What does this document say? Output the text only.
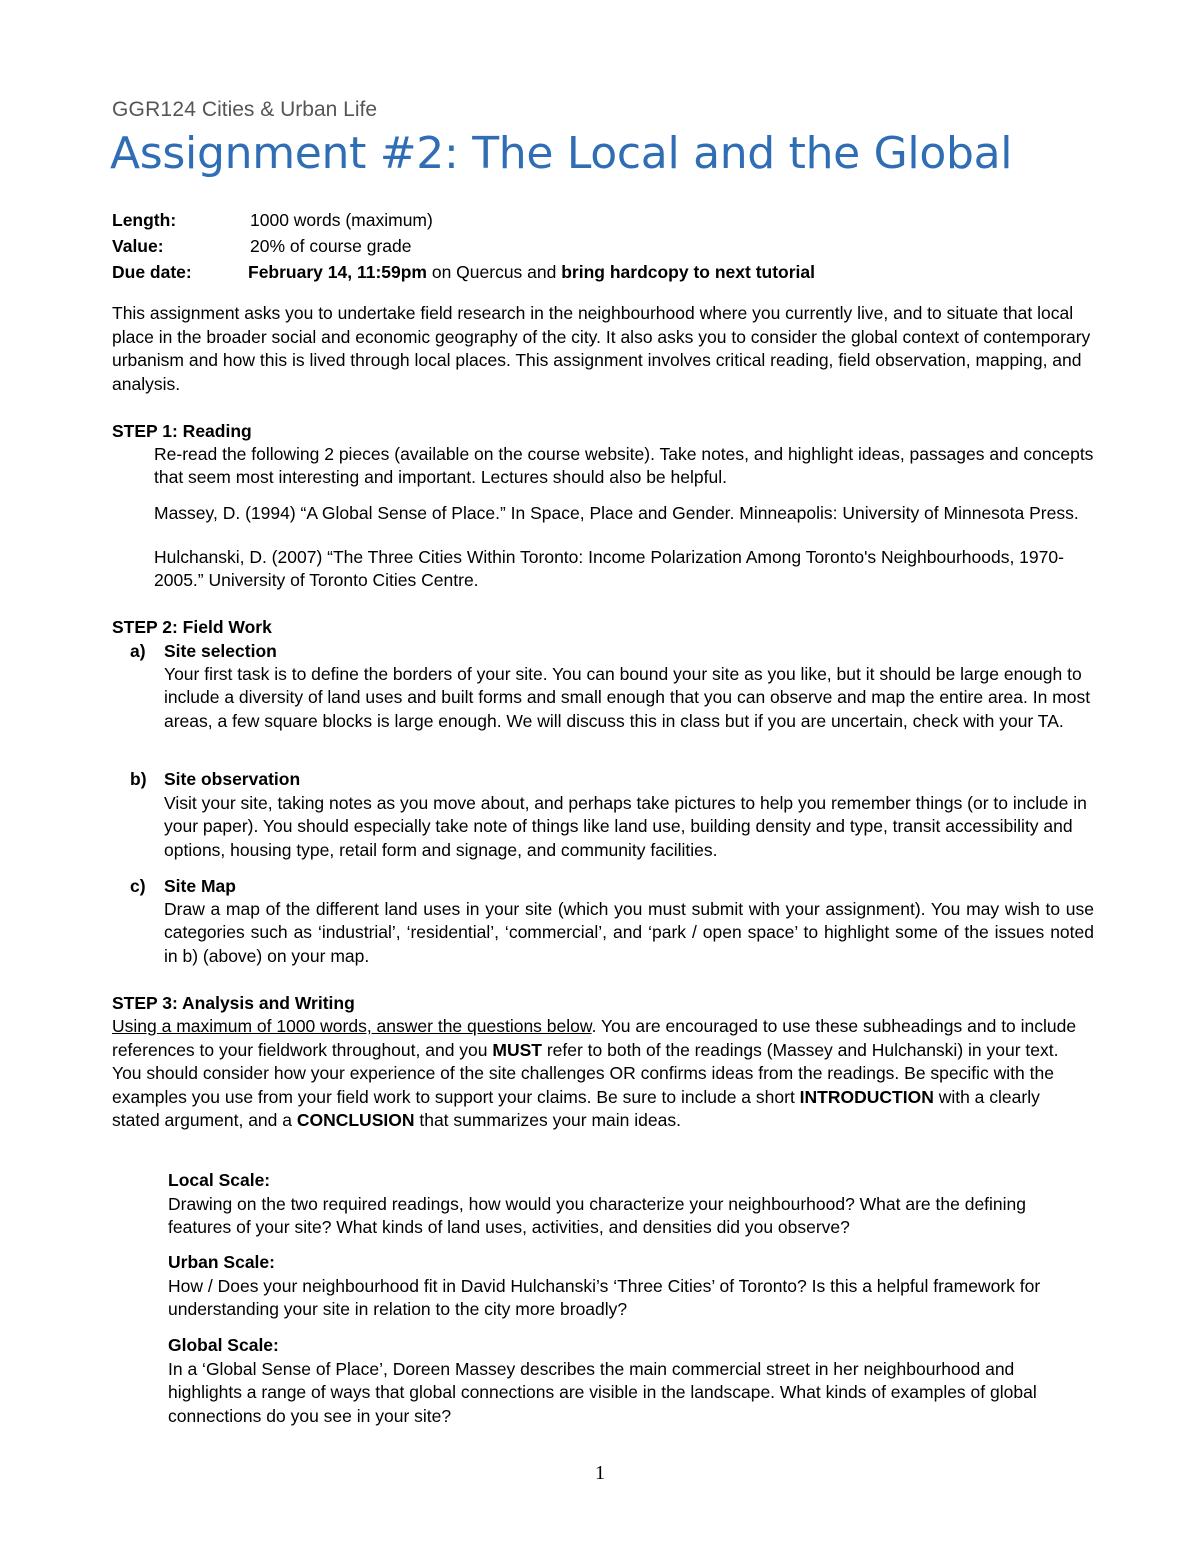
GGR124 Cities & Urban Life
Assignment #2: The Local and the Global
Length:	1000 words (maximum)
Value:	20% of course grade
Due date:	February 14, 11:59pm on Quercus and bring hardcopy to next tutorial
This assignment asks you to undertake field research in the neighbourhood where you currently live, and to situate that local place in the broader social and economic geography of the city. It also asks you to consider the global context of contemporary urbanism and how this is lived through local places. This assignment involves critical reading, field observation, mapping, and analysis.
STEP 1: Reading
Re-read the following 2 pieces (available on the course website). Take notes, and highlight ideas, passages and concepts that seem most interesting and important. Lectures should also be helpful.
Massey, D. (1994) “A Global Sense of Place.” In Space, Place and Gender. Minneapolis: University of Minnesota Press.
Hulchanski, D. (2007) “The Three Cities Within Toronto: Income Polarization Among Toronto's Neighbourhoods, 1970- 2005.” University of Toronto Cities Centre.
STEP 2: Field Work
a) Site selection
Your first task is to define the borders of your site. You can bound your site as you like, but it should be large enough to include a diversity of land uses and built forms and small enough that you can observe and map the entire area. In most areas, a few square blocks is large enough. We will discuss this in class but if you are uncertain, check with your TA.
b) Site observation
Visit your site, taking notes as you move about, and perhaps take pictures to help you remember things (or to include in your paper). You should especially take note of things like land use, building density and type, transit accessibility and options, housing type, retail form and signage, and community facilities.
c) Site Map
Draw a map of the different land uses in your site (which you must submit with your assignment). You may wish to use categories such as ‘industrial’, ‘residential’, ‘commercial’, and ‘park / open space’ to highlight some of the issues noted in b) (above) on your map.
STEP 3: Analysis and Writing
Using a maximum of 1000 words, answer the questions below. You are encouraged to use these subheadings and to include references to your fieldwork throughout, and you MUST refer to both of the readings (Massey and Hulchanski) in your text. You should consider how your experience of the site challenges OR confirms ideas from the readings. Be specific with the examples you use from your field work to support your claims. Be sure to include a short INTRODUCTION with a clearly stated argument, and a CONCLUSION that summarizes your main ideas.
Local Scale:
Drawing on the two required readings, how would you characterize your neighbourhood? What are the defining features of your site? What kinds of land uses, activities, and densities did you observe?
Urban Scale:
How / Does your neighbourhood fit in David Hulchanski’s ‘Three Cities’ of Toronto? Is this a helpful framework for understanding your site in relation to the city more broadly?
Global Scale:
In a ‘Global Sense of Place’, Doreen Massey describes the main commercial street in her neighbourhood and highlights a range of ways that global connections are visible in the landscape. What kinds of examples of global connections do you see in your site?
1
